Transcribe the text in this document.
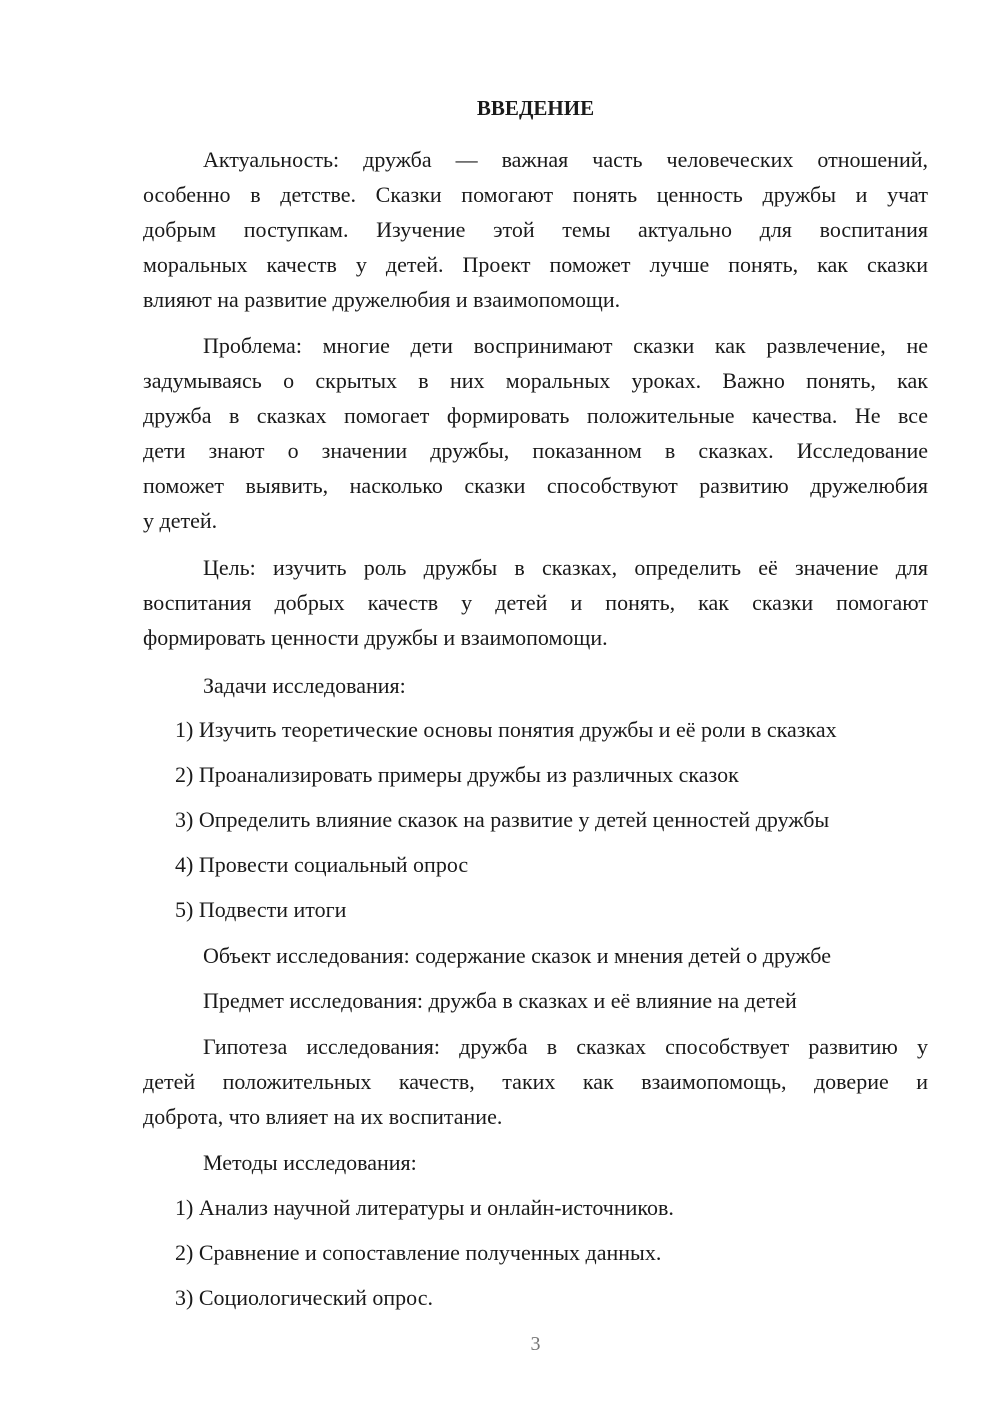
ВВЕДЕНИЕ
Актуальность: дружба — важная часть человеческих отношений,
особенно в детстве. Сказки помогают понять ценность дружбы и учат
добрым поступкам. Изучение этой темы актуально для воспитания
моральных качеств у детей. Проект поможет лучше понять, как сказки
влияют на развитие дружелюбия и взаимопомощи.
Проблема: многие дети воспринимают сказки как развлечение, не
задумываясь о скрытых в них моральных уроках. Важно понять, как
дружба в сказках помогает формировать положительные качества. Не все
дети знают о значении дружбы, показанном в сказках. Исследование
поможет выявить, насколько сказки способствуют развитию дружелюбия
у детей.
Цель: изучить роль дружбы в сказках, определить её значение для
воспитания добрых качеств у детей и понять, как сказки помогают
формировать ценности дружбы и взаимопомощи.
Задачи исследования:
1) Изучить теоретические основы понятия дружбы и её роли в сказках
2) Проанализировать примеры дружбы из различных сказок
3) Определить влияние сказок на развитие у детей ценностей дружбы
4) Провести социальный опрос
5) Подвести итоги
Объект исследования: содержание сказок и мнения детей о дружбе
Предмет исследования: дружба в сказках и её влияние на детей
Гипотеза исследования: дружба в сказках способствует развитию у
детей положительных качеств, таких как взаимопомощь, доверие и
доброта, что влияет на их воспитание.
Методы исследования:
1) Анализ научной литературы и онлайн-источников.
2) Сравнение и сопоставление полученных данных.
3) Социологический опрос.
3
